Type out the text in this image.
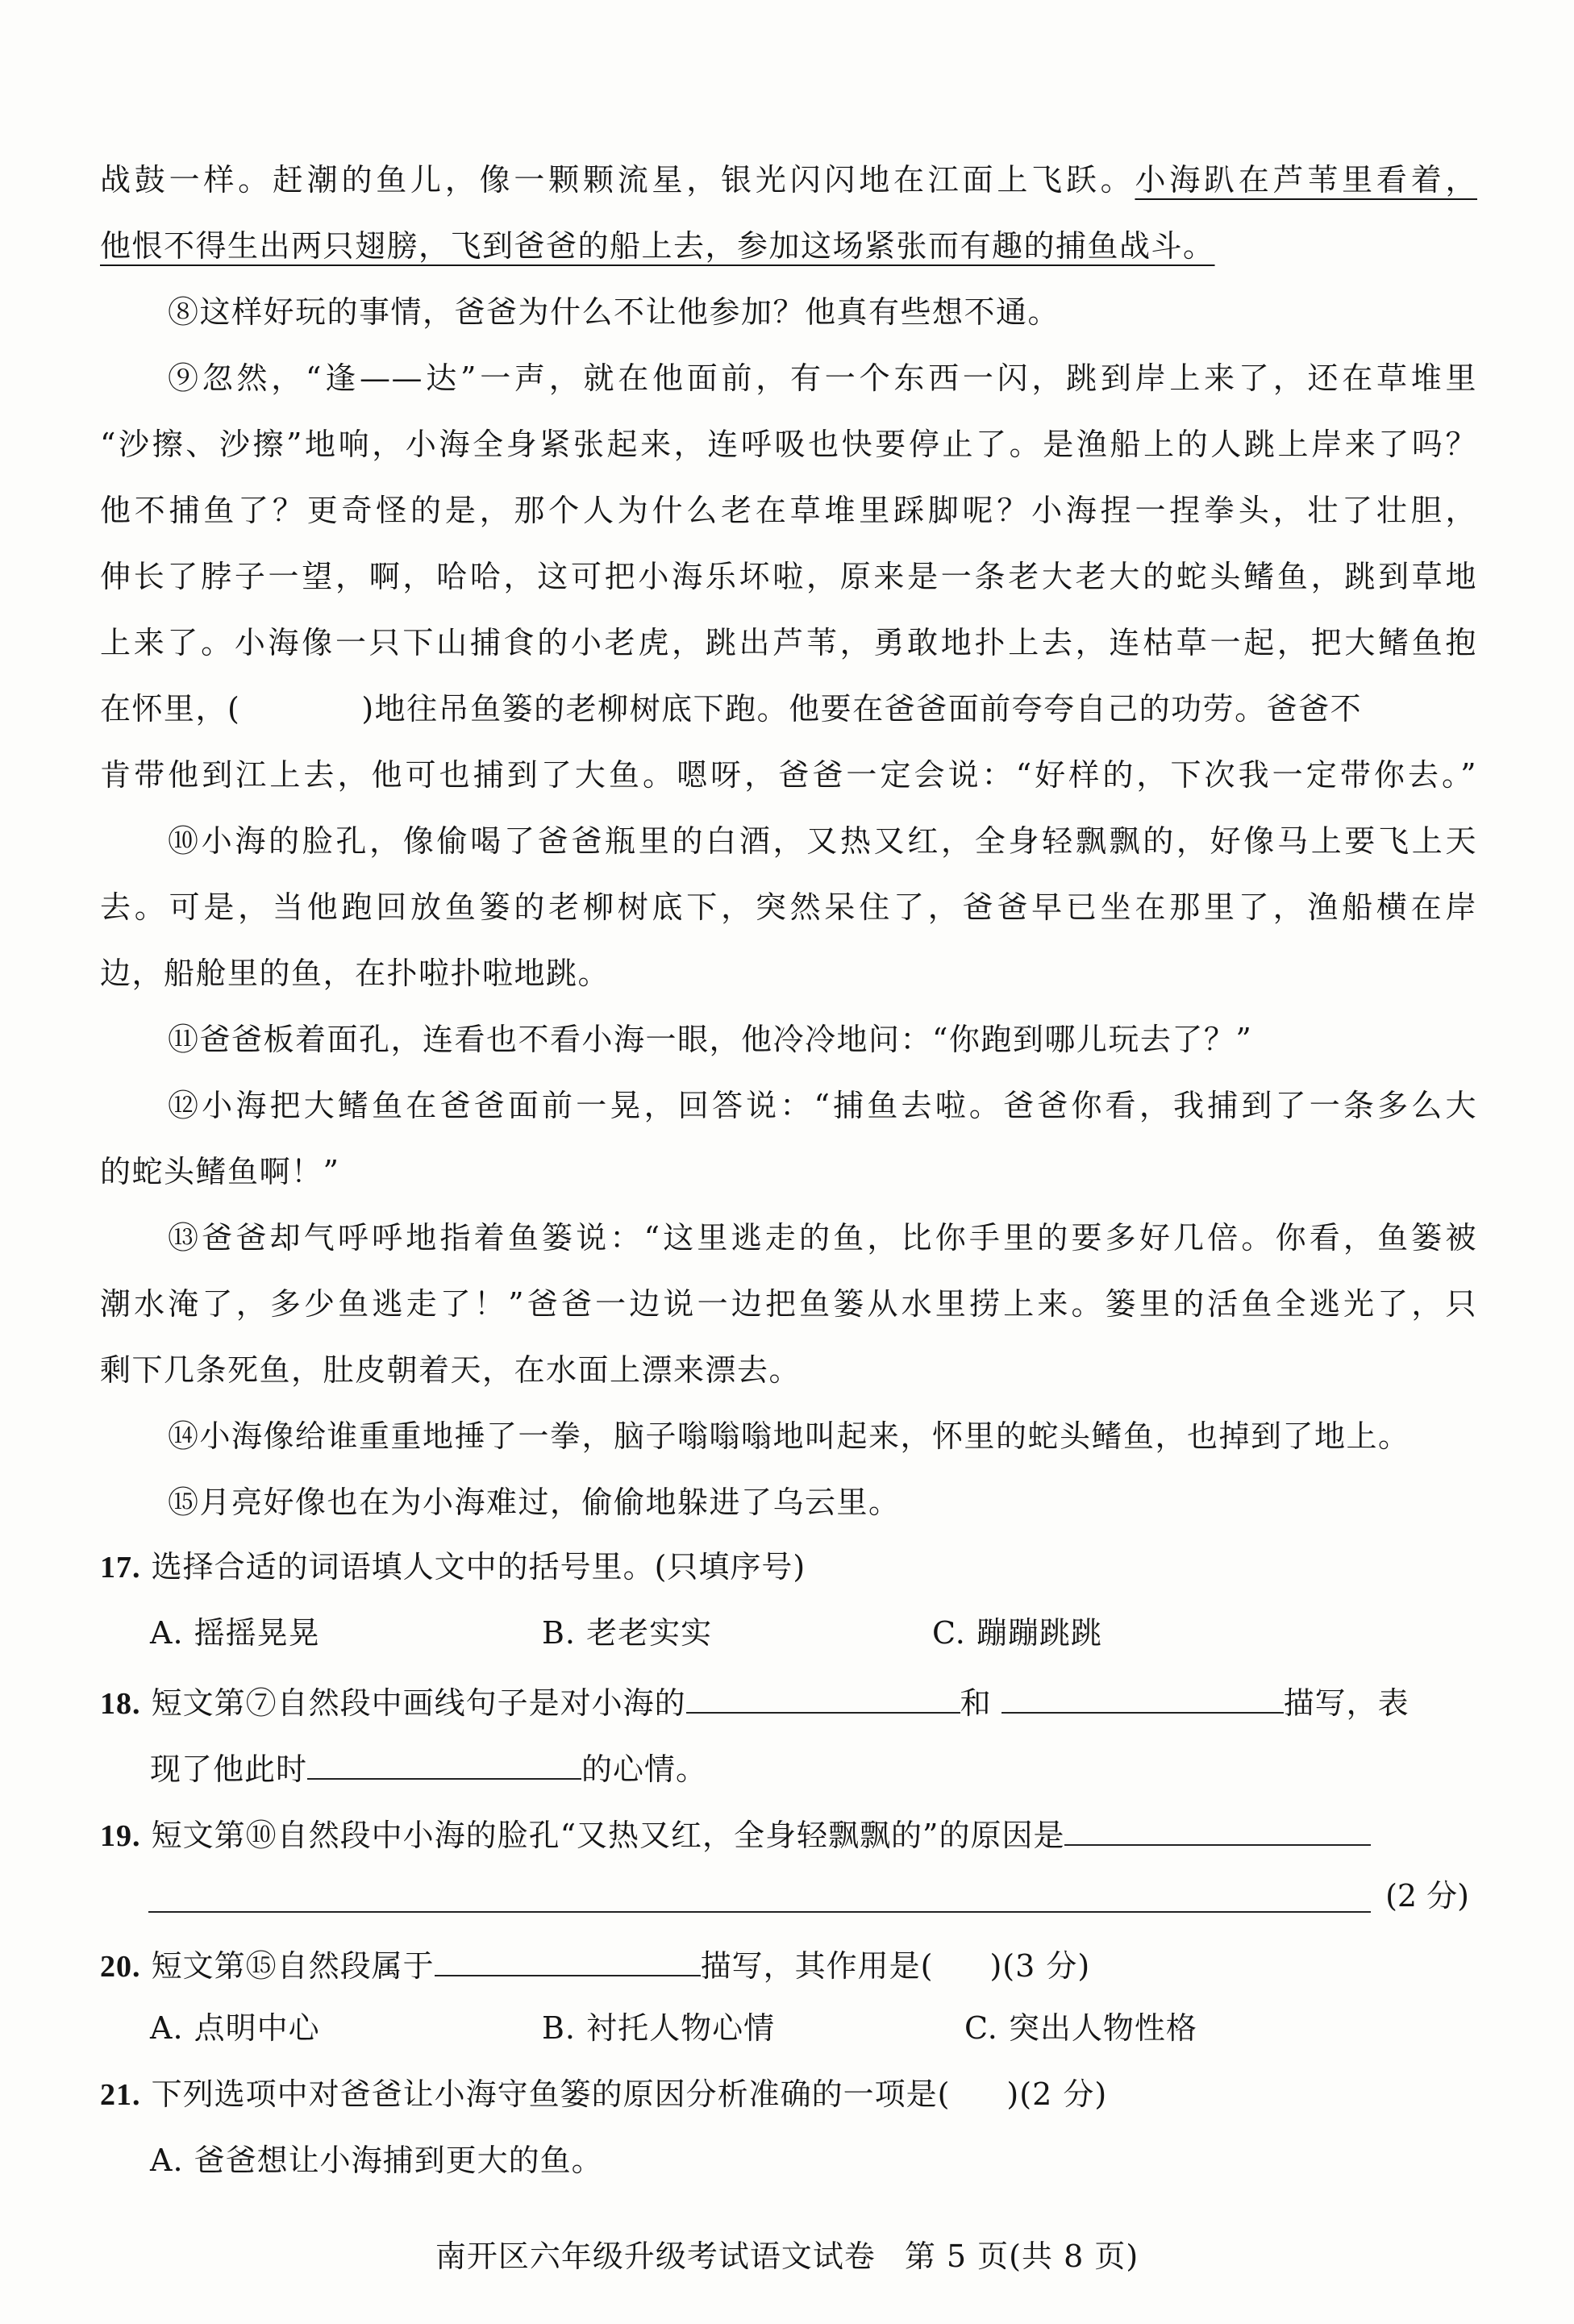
战鼓一样。赶潮的鱼儿，像一颗颗流星，银光闪闪地在江面上飞跃。小海趴在芦苇里看着，
他恨不得生出两只翅膀，飞到爸爸的船上去，参加这场紧张而有趣的捕鱼战斗。
⑧这样好玩的事情，爸爸为什么不让他参加？他真有些想不通。
⑨忽然，“逢——达”一声，就在他面前，有一个东西一闪，跳到岸上来了，还在草堆里
“沙擦、沙擦”地响，小海全身紧张起来，连呼吸也快要停止了。是渔船上的人跳上岸来了吗？
他不捕鱼了？更奇怪的是，那个人为什么老在草堆里踩脚呢？小海捏一捏拳头，壮了壮胆，
伸长了脖子一望，啊，哈哈，这可把小海乐坏啦，原来是一条老大老大的蛇头鳍鱼，跳到草地
上来了。小海像一只下山捕食的小老虎，跳出芦苇，勇敢地扑上去，连枯草一起，把大鳍鱼抱
在怀里，(	)地往吊鱼篓的老柳树底下跑。他要在爸爸面前夸夸自己的功劳。爸爸不
肯带他到江上去，他可也捕到了大鱼。嗯呀，爸爸一定会说：“好样的，下次我一定带你去。”
⑩小海的脸孔，像偷喝了爸爸瓶里的白酒，又热又红，全身轻飘飘的，好像马上要飞上天
去。可是，当他跑回放鱼篓的老柳树底下，突然呆住了，爸爸早已坐在那里了，渔船横在岸
边，船舱里的鱼，在扑啦扑啦地跳。
⑪爸爸板着面孔，连看也不看小海一眼，他冷冷地问：“你跑到哪儿玩去了？”
⑫小海把大鳍鱼在爸爸面前一晃，回答说：“捕鱼去啦。爸爸你看，我捕到了一条多么大
的蛇头鳍鱼啊！”
⑬爸爸却气呼呼地指着鱼篓说：“这里逃走的鱼，比你手里的要多好几倍。你看，鱼篓被
潮水淹了，多少鱼逃走了！”爸爸一边说一边把鱼篓从水里捞上来。篓里的活鱼全逃光了，只
剩下几条死鱼，肚皮朝着天，在水面上漂来漂去。
⑭小海像给谁重重地捶了一拳，脑子嗡嗡嗡地叫起来，怀里的蛇头鳍鱼，也掉到了地上。
⑮月亮好像也在为小海难过，偷偷地躲进了乌云里。
17. 选择合适的词语填人文中的括号里。(只填序号)
A. 摇摇晃晃	B. 老老实实	C. 蹦蹦跳跳
18. 短文第⑦自然段中画线句子是对小海的	和	描写，表
现了他此时	的心情。
19. 短文第⑩自然段中小海的脸孔“又热又红，全身轻飘飘的”的原因是
(2 分)
20. 短文第⑮自然段属于	描写，其作用是( )(3 分)
A. 点明中心	B. 衬托人物心情	C. 突出人物性格
21. 下列选项中对爸爸让小海守鱼篓的原因分析准确的一项是( )(2 分)
A. 爸爸想让小海捕到更大的鱼。
南开区六年级升级考试语文试卷 第 5 页(共 8 页)
